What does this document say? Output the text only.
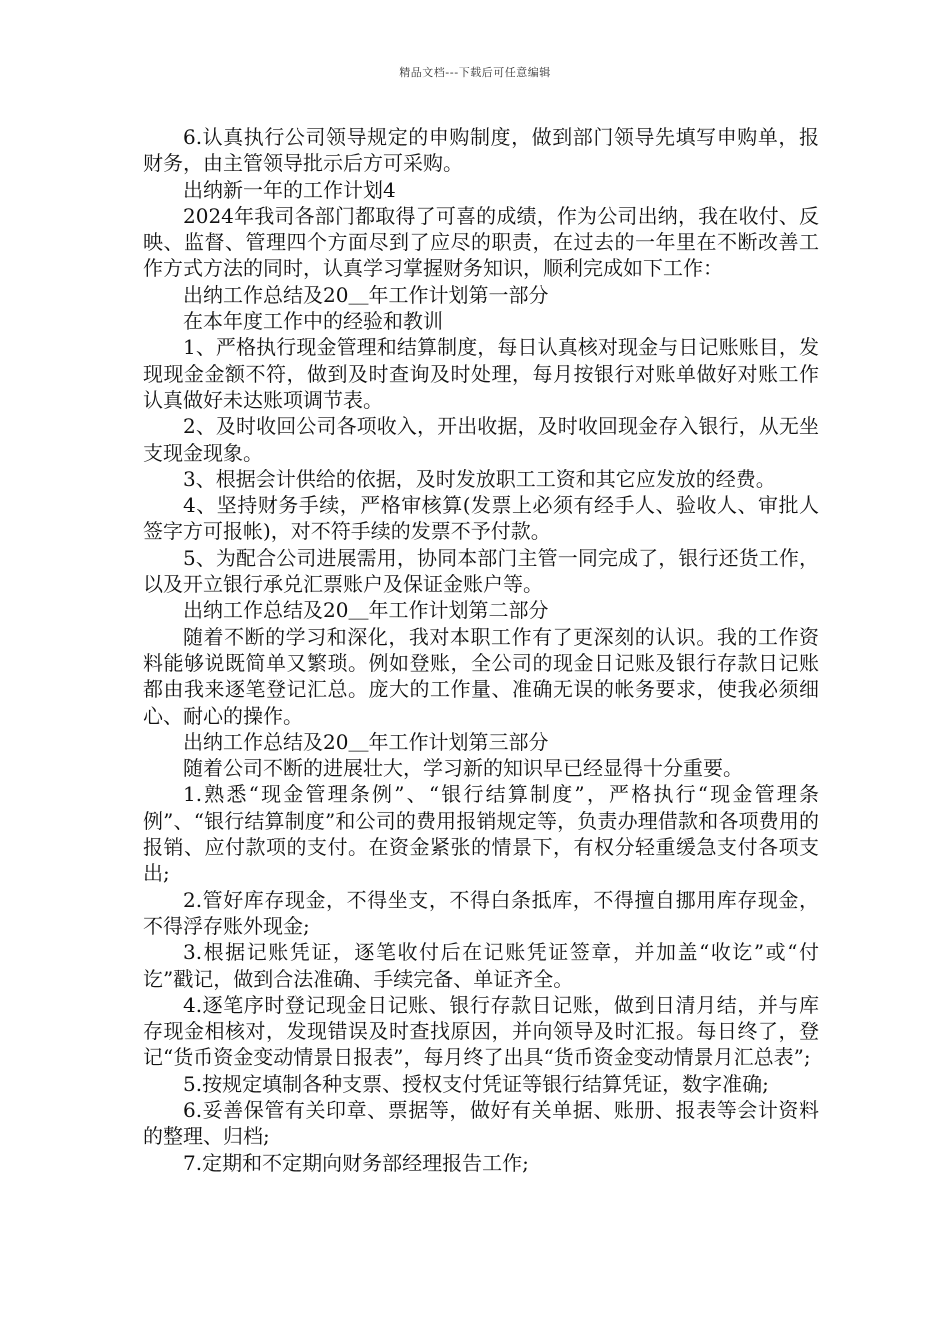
精品文档---下载后可任意编辑

6.认真执行公司领导规定的申购制度，做到部门领导先填写申购单，报财务，由主管领导批示后方可采购。

出纳新一年的工作计划4

2024年我司各部门都取得了可喜的成绩，作为公司出纳，我在收付、反映、监督、管理四个方面尽到了应尽的职责，在过去的一年里在不断改善工作方式方法的同时，认真学习掌握财务知识，顺利完成如下工作：

出纳工作总结及20＿年工作计划第一部分

在本年度工作中的经验和教训

1、严格执行现金管理和结算制度，每日认真核对现金与日记账账目，发现现金金额不符，做到及时查询及时处理，每月按银行对账单做好对账工作认真做好未达账项调节表。

2、及时收回公司各项收入，开出收据，及时收回现金存入银行，从无坐支现金现象。

3、根据会计供给的依据，及时发放职工工资和其它应发放的经费。

4、坚持财务手续，严格审核算(发票上必须有经手人、验收人、审批人签字方可报帐)，对不符手续的发票不予付款。

5、为配合公司进展需用，协同本部门主管一同完成了，银行还货工作，以及开立银行承兑汇票账户及保证金账户等。

出纳工作总结及20＿年工作计划第二部分

随着不断的学习和深化，我对本职工作有了更深刻的认识。我的工作资料能够说既简单又繁琐。例如登账，全公司的现金日记账及银行存款日记账都由我来逐笔登记汇总。庞大的工作量、准确无误的帐务要求，使我必须细心、耐心的操作。

出纳工作总结及20＿年工作计划第三部分

随着公司不断的进展壮大，学习新的知识早已经显得十分重要。

1.熟悉“现金管理条例”、“银行结算制度”，严格执行“现金管理条例”、“银行结算制度”和公司的费用报销规定等，负责办理借款和各项费用的报销、应付款项的支付。在资金紧张的情景下，有权分轻重缓急支付各项支出;

2.管好库存现金，不得坐支，不得白条抵库，不得擅自挪用库存现金，不得浮存账外现金;

3.根据记账凭证，逐笔收付后在记账凭证签章，并加盖“收讫”或“付讫”戳记，做到合法准确、手续完备、单证齐全。

4.逐笔序时登记现金日记账、银行存款日记账，做到日清月结，并与库存现金相核对，发现错误及时查找原因，并向领导及时汇报。每日终了，登记“货币资金变动情景日报表”，每月终了出具“货币资金变动情景月汇总表”;

5.按规定填制各种支票、授权支付凭证等银行结算凭证，数字准确;

6.妥善保管有关印章、票据等，做好有关单据、账册、报表等会计资料的整理、归档;

7.定期和不定期向财务部经理报告工作;
